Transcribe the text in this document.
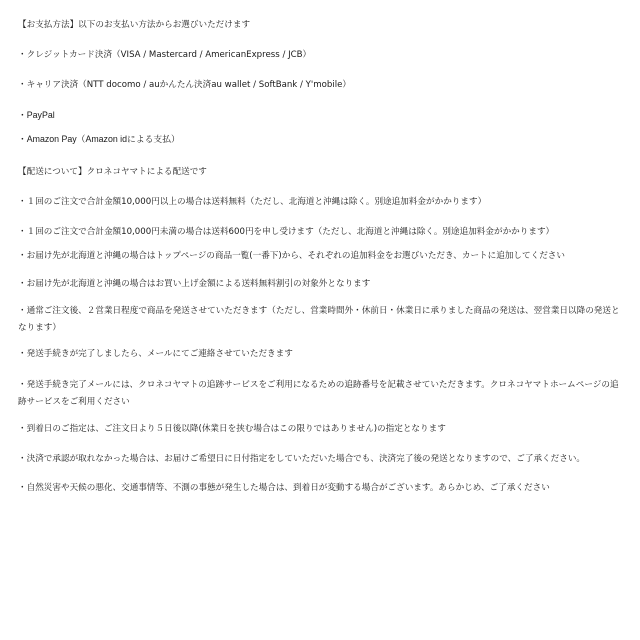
【お支払方法】以下のお支払い方法からお選びいただけます
・クレジットカード決済（VISA / Mastercard / AmericanExpress / JCB）
・キャリア決済（NTT docomo / auかんたん決済au wallet / SoftBank / Y'mobile）
・PayPal
・Amazon Pay（Amazon idによる支払）
【配送について】クロネコヤマトによる配送です
・１回のご注文で合計金額10,000円以上の場合は送料無料（ただし、北海道と沖縄は除く。別途追加料金がかかります）
・１回のご注文で合計金額10,000円未満の場合は送料600円を申し受けます（ただし、北海道と沖縄は除く。別途追加料金がかかります）
・お届け先が北海道と沖縄の場合はトップページの商品一覧(一番下)から、それぞれの追加料金をお選びいただき、カートに追加してください
・お届け先が北海道と沖縄の場合はお買い上げ金額による送料無料割引の対象外となります
・通常ご注文後、２営業日程度で商品を発送させていただきます（ただし、営業時間外・休前日・休業日に承りました商品の発送は、翌営業日以降の発送となります）
・発送手続きが完了しましたら、メールにてご連絡させていただきます
・発送手続き完了メールには、クロネコヤマトの追跡サービスをご利用になるための追跡番号を記載させていただきます。クロネコヤマトホームページの追跡サービスをご利用ください
・到着日のご指定は、ご注文日より５日後以降(休業日を挟む場合はこの限りではありません)の指定となります
・決済で承認が取れなかった場合は、お届けご希望日に日付指定をしていただいた場合でも、決済完了後の発送となりますので、ご了承ください。
・自然災害や天候の悪化、交通事情等、不測の事態が発生した場合は、到着日が変動する場合がございます。あらかじめ、ご了承ください
